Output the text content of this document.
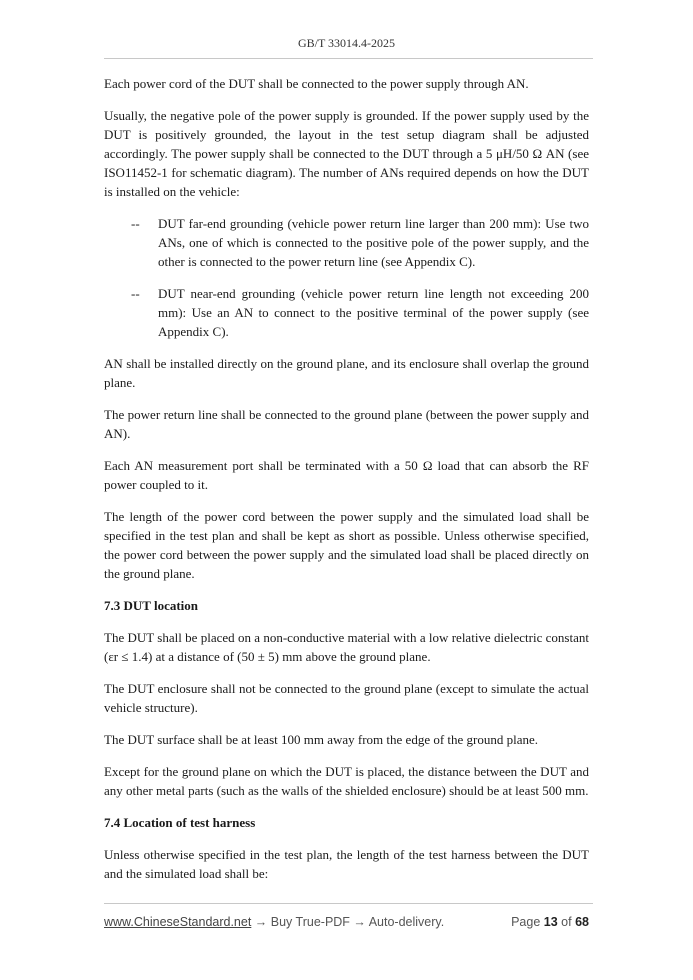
GB/T 33014.4-2025

Each power cord of the DUT shall be connected to the power supply through AN.

Usually, the negative pole of the power supply is grounded. If the power supply used by the DUT is positively grounded, the layout in the test setup diagram shall be adjusted accordingly. The power supply shall be connected to the DUT through a 5 μH/50 Ω AN (see ISO11452-1 for schematic diagram). The number of ANs required depends on how the DUT is installed on the vehicle:

--	DUT far-end grounding (vehicle power return line larger than 200 mm): Use two ANs, one of which is connected to the positive pole of the power supply, and the other is connected to the power return line (see Appendix C).
--	DUT near-end grounding (vehicle power return line length not exceeding 200 mm): Use an AN to connect to the positive terminal of the power supply (see Appendix C).

AN shall be installed directly on the ground plane, and its enclosure shall overlap the ground plane.

The power return line shall be connected to the ground plane (between the power supply and AN).

Each AN measurement port shall be terminated with a 50 Ω load that can absorb the RF power coupled to it.

The length of the power cord between the power supply and the simulated load shall be specified in the test plan and shall be kept as short as possible. Unless otherwise specified, the power cord between the power supply and the simulated load shall be placed directly on the ground plane.

7.3 DUT location

The DUT shall be placed on a non-conductive material with a low relative dielectric constant (εr ≤ 1.4) at a distance of (50 ± 5) mm above the ground plane.

The DUT enclosure shall not be connected to the ground plane (except to simulate the actual vehicle structure).

The DUT surface shall be at least 100 mm away from the edge of the ground plane.

Except for the ground plane on which the DUT is placed, the distance between the DUT and any other metal parts (such as the walls of the shielded enclosure) should be at least 500 mm.

7.4 Location of test harness

Unless otherwise specified in the test plan, the length of the test harness between the DUT and the simulated load shall be:

www.ChineseStandard.net → Buy True-PDF → Auto-delivery.	Page 13 of 68
